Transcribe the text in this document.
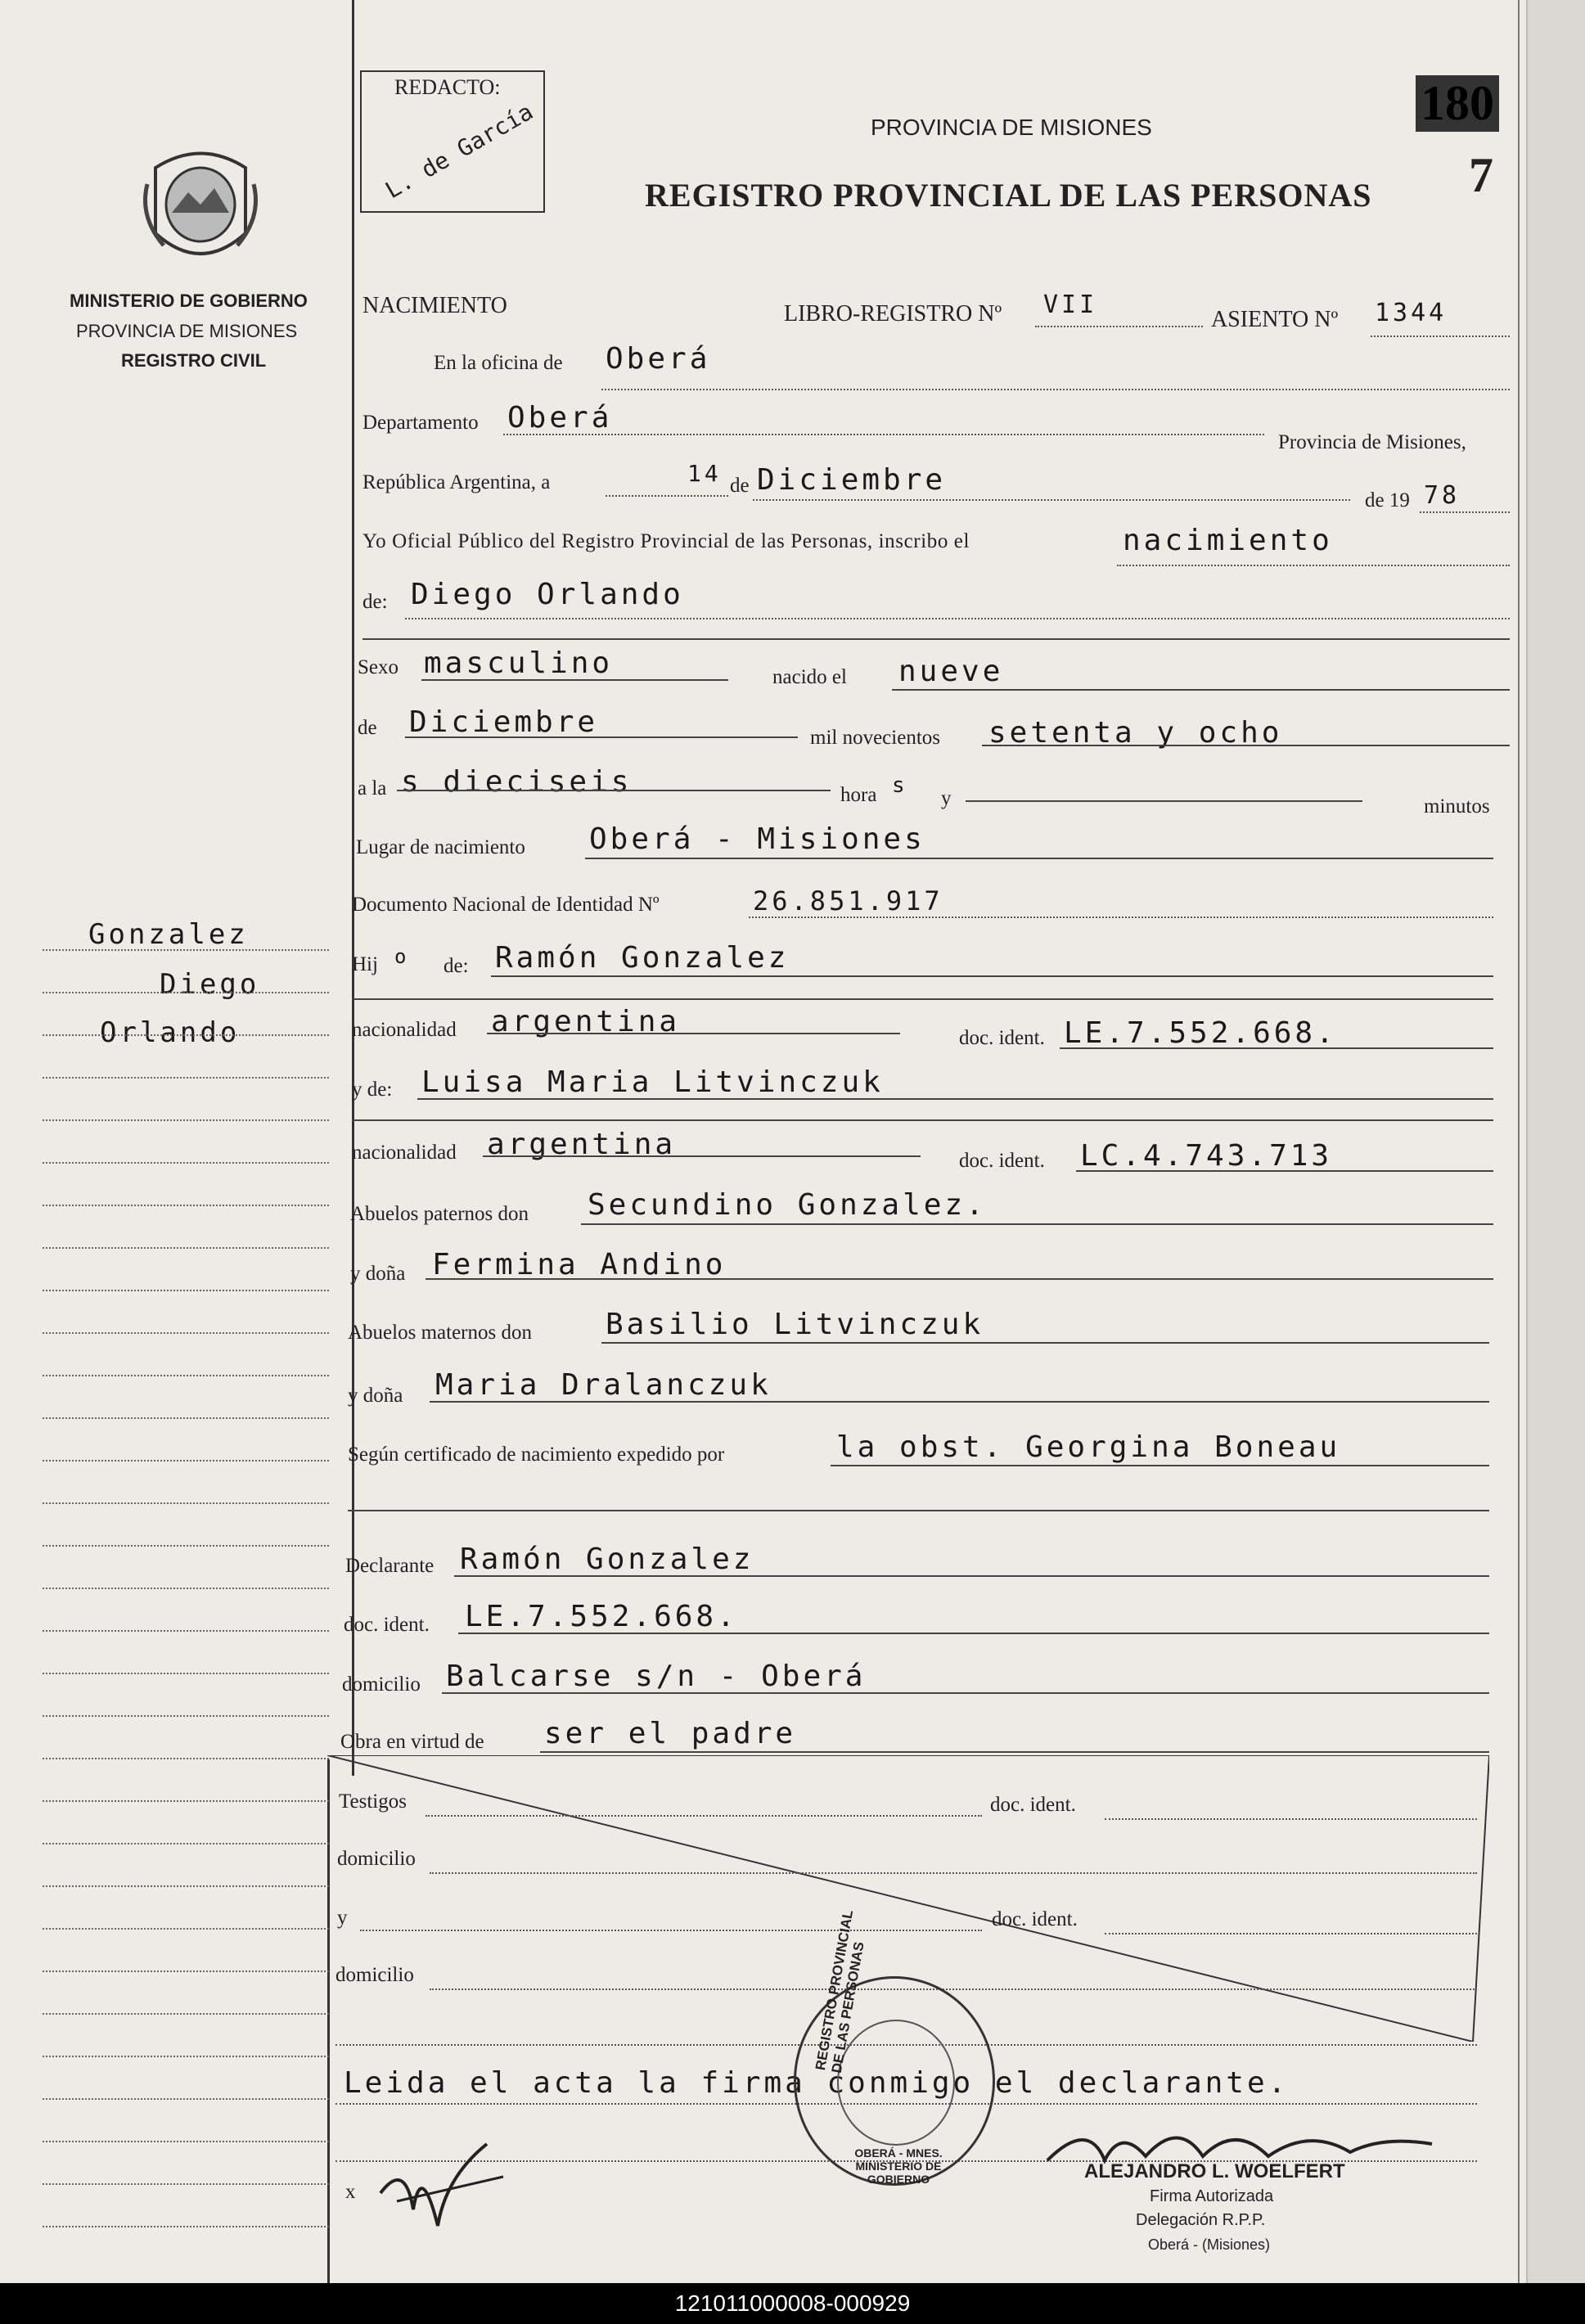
MINISTERIO DE GOBIERNO
PROVINCIA DE MISIONES
REGISTRO CIVIL
REDACTO:
L. de García	PROVINCIA DE MISIONES
REGISTRO PROVINCIAL DE LAS PERSONAS
180
7
NACIMIENTO	LIBRO-REGISTRO Nº VII
ASIENTO Nº 1344
En la oficina de Oberá
Departamento Oberá
Provincia de Misiones,
República Argentina, a	14 de Diciembre
de 19 78
Yo Oficial Público del Registro Provincial de las Personas, inscribo el	nacimiento
de: Diego Orlando
Sexo masculino	nacido el nueve
de Diciembre	mil novecientos setenta y ocho
a la s dieciseis	hora s
y	minutos
Lugar de nacimiento Oberá - Misiones
Documento Nacional de Identidad Nº	26.851.917
Hij o de: Ramón Gonzalez
nacionalidad argentina	doc. ident. LE.7.552.668.
y de: Luisa Maria Litvinczuk
nacionalidad argentina	doc. ident. LC.4.743.713
Abuelos paternos don Secundino Gonzalez.
y doña Fermina Andino
Abuelos maternos don	Basilio Litvinczuk
y doña Maria Dralanczuk
Según certificado de nacimiento expedido por	la obst. Georgina Boneau
Declarante Ramón Gonzalez
doc. ident. LE.7.552.668.
domicilio Balcarse s/n - Oberá
Obra en virtud de ser el padre
Testigos	doc. ident.
domicilio
y	doc. ident.
domicilio
Leida el acta la firma conmigo el declarante.
x
REGISTRO PROVINCIAL DE LAS PERSONAS
OBERÁ - MNES. MINISTERIO DE GOBIERNO	ALEJANDRO L. WOELFERT
Firma Autorizada
Delegación R.P.P.
Oberá - (Misiones)
Gonzalez
Diego
Orlando
121011000008-000929
